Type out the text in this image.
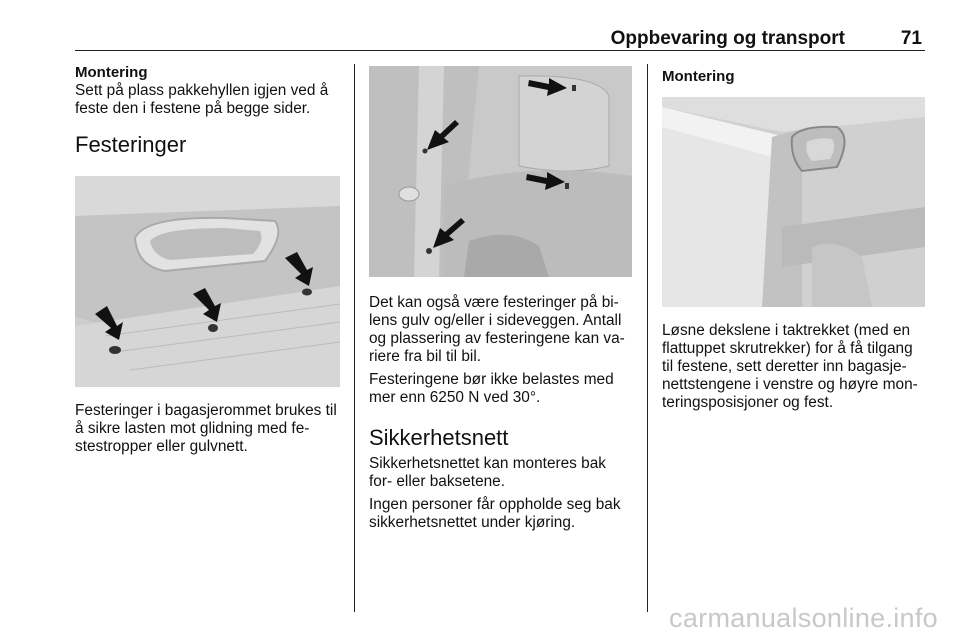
Oppbevaring og transport	71
Montering

Sett på plass pakkehyllen igjen ved å feste den i festene på begge sider.

Festeringer

Festeringer i bagasjerommet brukes til å sikre lasten mot glidning med fe-stestropper eller gulvnett.

Det kan også være festeringer på bi-lens gulv og/eller i sideveggen. Antall og plassering av festeringene kan va-riere fra bil til bil.

Festeringene bør ikke belastes med mer enn 6250 N ved 30°.

Sikkerhetsnett

Sikkerhetsnettet kan monteres bak for- eller baksetene.

Ingen personer får oppholde seg bak sikkerhetsnettet under kjøring.

Montering

Løsne dekslene i taktrekket (med en flattuppet skrutrekker) for å få tilgang til festene, sett deretter inn bagasje-nettstengene i venstre og høyre mon-teringsposisjoner og fest.

carmanualsonline.info
